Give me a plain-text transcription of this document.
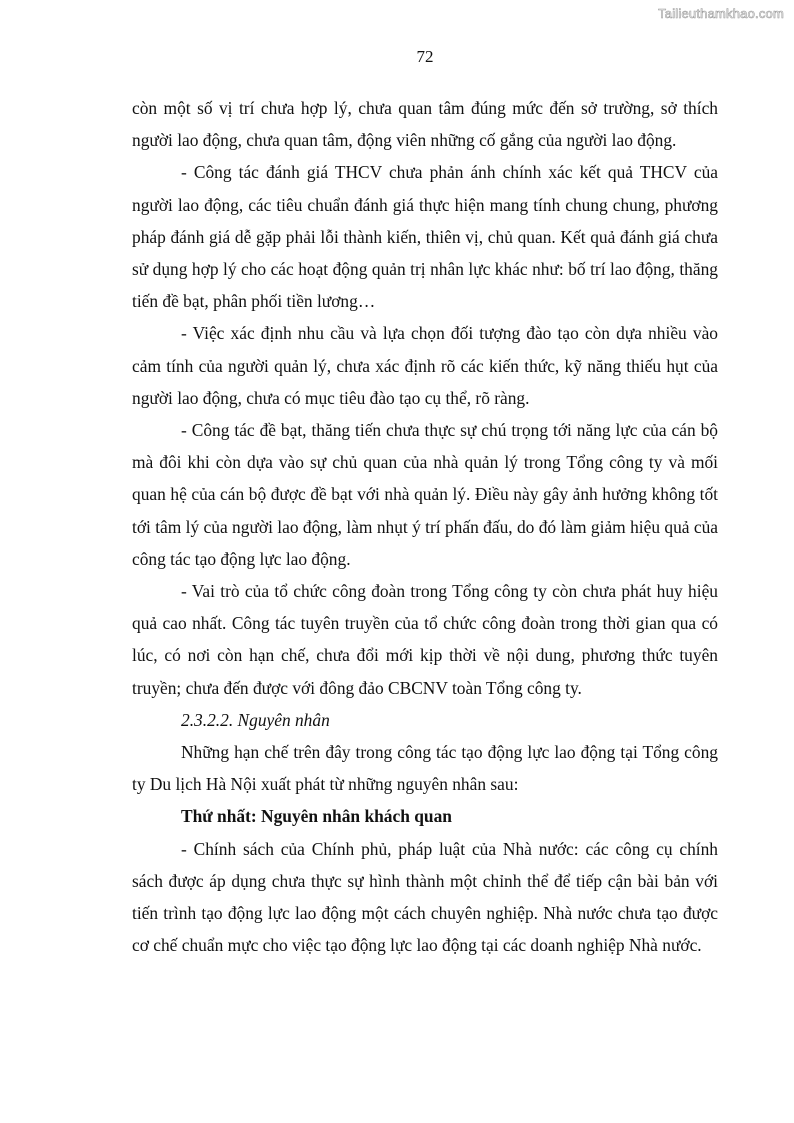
Tailieuthamkhao.com
72

còn một số vị trí chưa hợp lý, chưa quan tâm đúng mức đến sở trường, sở thích người lao động, chưa quan tâm, động viên những cố gắng của người lao động.

- Công tác đánh giá THCV chưa phản ánh chính xác kết quả THCV của người lao động, các tiêu chuẩn đánh giá thực hiện mang tính chung chung, phương pháp đánh giá dễ gặp phải lỗi thành kiến, thiên vị, chủ quan. Kết quả đánh giá chưa sử dụng hợp lý cho các hoạt động quản trị nhân lực khác như: bố trí lao động, thăng tiến đề bạt, phân phối tiền lương…

- Việc xác định nhu cầu và lựa chọn đối tượng đào tạo còn dựa nhiều vào cảm tính của người quản lý, chưa xác định rõ các kiến thức, kỹ năng thiếu hụt của người lao động, chưa có mục tiêu đào tạo cụ thể, rõ ràng.

- Công tác đề bạt, thăng tiến chưa thực sự chú trọng tới năng lực của cán bộ mà đôi khi còn dựa vào sự chủ quan của nhà quản lý trong Tổng công ty và mối quan hệ của cán bộ được đề bạt với nhà quản lý. Điều này gây ảnh hưởng không tốt tới tâm lý của người lao động, làm nhụt ý trí phấn đấu, do đó làm giảm hiệu quả của công tác tạo động lực lao động.

- Vai trò của tổ chức công đoàn trong Tổng công ty còn chưa phát huy hiệu quả cao nhất. Công tác tuyên truyền của tổ chức công đoàn trong thời gian qua có lúc, có nơi còn hạn chế, chưa đổi mới kịp thời về nội dung, phương thức tuyên truyền; chưa đến được với đông đảo CBCNV toàn Tổng công ty.

2.3.2.2. Nguyên nhân

Những hạn chế trên đây trong công tác tạo động lực lao động tại Tổng công ty Du lịch Hà Nội xuất phát từ những nguyên nhân sau:

Thứ nhất: Nguyên nhân khách quan

- Chính sách của Chính phủ, pháp luật của Nhà nước: các công cụ chính sách được áp dụng chưa thực sự hình thành một chỉnh thể để tiếp cận bài bản với tiến trình tạo động lực lao động một cách chuyên nghiệp. Nhà nước chưa tạo được cơ chế chuẩn mực cho việc tạo động lực lao động tại các doanh nghiệp Nhà nước.
